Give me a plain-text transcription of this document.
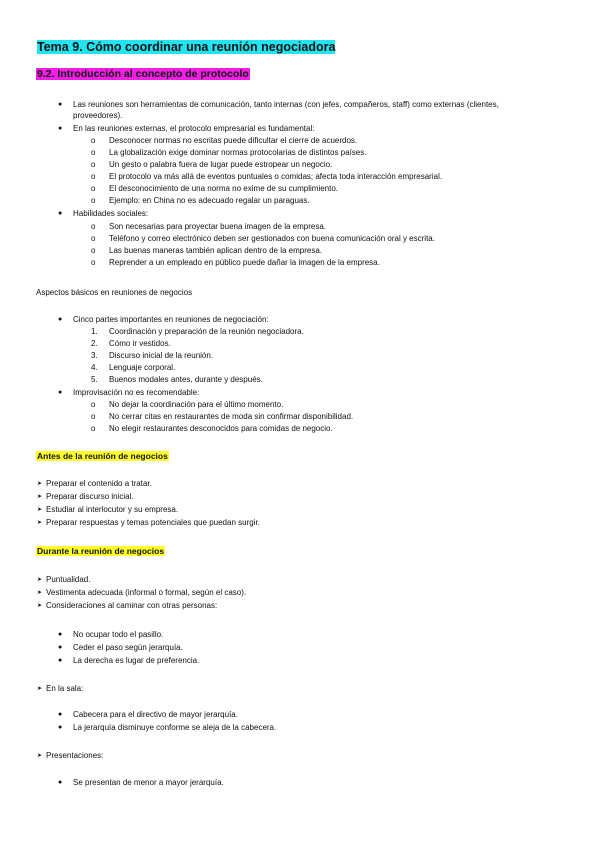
Tema 9. Cómo coordinar una reunión negociadora
9.2. Introducción al concepto de protocolo
● Las reuniones son herramientas de comunicación, tanto internas (con jefes, compañeros, staff) como externas (clientes,
proveedores).
● En las reuniones externas, el protocolo empresarial es fundamental:
o Desconocer normas no escritas puede dificultar el cierre de acuerdos.
o La globalización exige dominar normas protocolarias de distintos países.
o Un gesto o palabra fuera de lugar puede estropear un negocio.
o El protocolo va más allá de eventos puntuales o comidas; afecta toda interacción empresarial.
o El desconocimiento de una norma no exime de su cumplimiento.
o Ejemplo: en China no es adecuado regalar un paraguas.
● Habilidades sociales:
o Son necesarias para proyectar buena imagen de la empresa.
o Teléfono y correo electrónico deben ser gestionados con buena comunicación oral y escrita.
o Las buenas maneras también aplican dentro de la empresa.
o Reprender a un empleado en público puede dañar la imagen de la empresa.
Aspectos básicos en reuniones de negocios
● Cinco partes importantes en reuniones de negociación:
1. Coordinación y preparación de la reunión negociadora.
2. Cómo ir vestidos.
3. Discurso inicial de la reunión.
4. Lenguaje corporal.
5. Buenos modales antes, durante y después.
● Improvisación no es recomendable:
o No dejar la coordinación para el último momento.
o No cerrar citas en restaurantes de moda sin confirmar disponibilidad.
o No elegir restaurantes desconocidos para comidas de negocio.
Antes de la reunión de negocios
➤ Preparar el contenido a tratar.
➤ Preparar discurso inicial.
➤ Estudiar al interlocutor y su empresa.
➤ Preparar respuestas y temas potenciales que puedan surgir.
Durante la reunión de negocios
➤ Puntualidad.
➤ Vestimenta adecuada (informal o formal, según el caso).
➤ Consideraciones al caminar con otras personas:
● No ocupar todo el pasillo.
● Ceder el paso según jerarquía.
● La derecha es lugar de preferencia.
➤ En la sala:
● Cabecera para el directivo de mayor jerarquía.
● La jerarquía disminuye conforme se aleja de la cabecera.
➤ Presentaciones:
● Se presentan de menor a mayor jerarquía.
